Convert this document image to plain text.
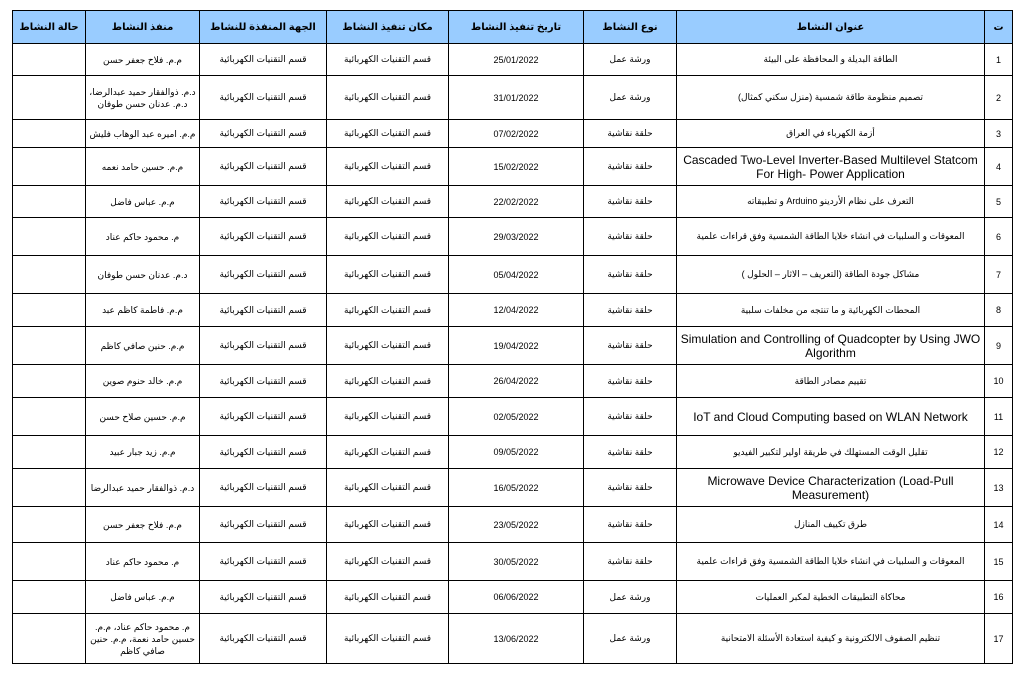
حالة النشاط	منفذ النشاط	الجهة المنفذة للنشاط	مكان تنفيذ النشاط	تاريخ تنفيذ النشاط	نوع النشاط	عنوان النشاط	ت
	م.م. فلاح جعفر حسن	قسم التقنيات الكهربائية	قسم التقنيات الكهربائية	25/01/2022	ورشة عمل	الطاقة البديلة و المحافظة على البيئة	1
	د.م. ذوالفقار حميد عبدالرضا، د.م. عدنان حسن طوفان	قسم التقنيات الكهربائية	قسم التقنيات الكهربائية	31/01/2022	ورشة عمل	تصميم منظومة طاقة شمسية (منزل سكني كمثال)	2
	م.م. اميره عبد الوهاب فليش	قسم التقنيات الكهربائية	قسم التقنيات الكهربائية	07/02/2022	حلقة نقاشية	أزمة الكهرباء في العراق	3
	م.م. حسين حامد نعمه	قسم التقنيات الكهربائية	قسم التقنيات الكهربائية	15/02/2022	حلقة نقاشية	Cascaded Two-Level Inverter-Based Multilevel Statcom For High- Power Application	4
	م.م. عباس فاضل	قسم التقنيات الكهربائية	قسم التقنيات الكهربائية	22/02/2022	حلقة نقاشية	التعرف على نظام الأردينو Arduino و تطبيقاته	5
	م. محمود حاكم عناد	قسم التقنيات الكهربائية	قسم التقنيات الكهربائية	29/03/2022	حلقة نقاشية	المعوقات و السلبيات في انشاء خلايا الطاقة الشمسية وفق قراءات علمية	6
	د.م. عدنان حسن طوفان	قسم التقنيات الكهربائية	قسم التقنيات الكهربائية	05/04/2022	حلقة نقاشية	مشاكل جودة الطاقة (التعريف – الاثار – الحلول )	7
	م.م. فاطمة كاظم عبد	قسم التقنيات الكهربائية	قسم التقنيات الكهربائية	12/04/2022	حلقة نقاشية	المحطات الكهربائية و ما تنتجه من مخلفات سلبية	8
	م.م. حنين صافي كاظم	قسم التقنيات الكهربائية	قسم التقنيات الكهربائية	19/04/2022	حلقة نقاشية	Simulation and Controlling of Quadcopter by Using JWO Algorithm	9
	م.م. خالد حنوم صوين	قسم التقنيات الكهربائية	قسم التقنيات الكهربائية	26/04/2022	حلقة نقاشية	تقييم مصادر الطاقة	10
	م.م. حسين صلاح حسن	قسم التقنيات الكهربائية	قسم التقنيات الكهربائية	02/05/2022	حلقة نقاشية	IoT and Cloud Computing based on WLAN Network	11
	م.م. زيد جبار عبيد	قسم التقنيات الكهربائية	قسم التقنيات الكهربائية	09/05/2022	حلقة نقاشية	تقليل الوقت المستهلك في طريقة اولير لتكبير الفيديو	12
	د.م. ذوالفقار حميد عبدالرضا	قسم التقنيات الكهربائية	قسم التقنيات الكهربائية	16/05/2022	حلقة نقاشية	Microwave Device Characterization (Load-Pull Measurement)	13
	م.م. فلاح جعفر حسن	قسم التقنيات الكهربائية	قسم التقنيات الكهربائية	23/05/2022	حلقة نقاشية	طرق تكييف المنازل	14
	م. محمود حاكم عناد	قسم التقنيات الكهربائية	قسم التقنيات الكهربائية	30/05/2022	حلقة نقاشية	المعوقات و السلبيات في انشاء خلايا الطاقة الشمسية وفق قراءات علمية	15
	م.م. عباس فاضل	قسم التقنيات الكهربائية	قسم التقنيات الكهربائية	06/06/2022	ورشة عمل	محاكاة التطبيقات الخطية لمكبر العمليات	16
	م. محمود حاكم عناد، م.م. حسين حامد نعمة، م.م. حنين صافي كاظم	قسم التقنيات الكهربائية	قسم التقنيات الكهربائية	13/06/2022	ورشة عمل	تنظيم الصفوف الالكترونية و كيفية استعادة الأسئلة الامتحانية	17
